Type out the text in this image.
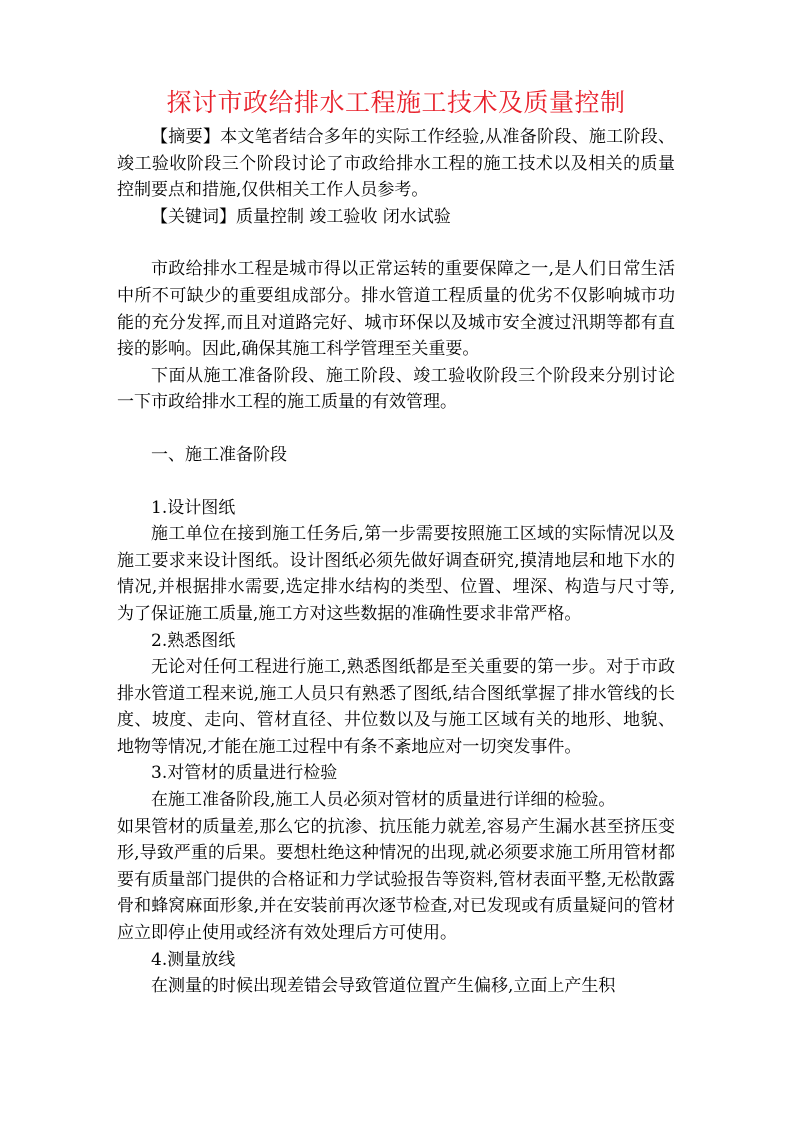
探讨市政给排水工程施工技术及质量控制

【摘要】本文笔者结合多年的实际工作经验,从准备阶段、施工阶段、竣工验收阶段三个阶段讨论了市政给排水工程的施工技术以及相关的质量控制要点和措施,仅供相关工作人员参考。

【关键词】质量控制 竣工验收 闭水试验

市政给排水工程是城市得以正常运转的重要保障之一,是人们日常生活中所不可缺少的重要组成部分。排水管道工程质量的优劣不仅影响城市功能的充分发挥,而且对道路完好、城市环保以及城市安全渡过汛期等都有直接的影响。因此,确保其施工科学管理至关重要。

下面从施工准备阶段、施工阶段、竣工验收阶段三个阶段来分别讨论一下市政给排水工程的施工质量的有效管理。

一、施工准备阶段

1.设计图纸

施工单位在接到施工任务后,第一步需要按照施工区域的实际情况以及施工要求来设计图纸。设计图纸必须先做好调查研究,摸清地层和地下水的情况,并根据排水需要,选定排水结构的类型、位置、埋深、构造与尺寸等,为了保证施工质量,施工方对这些数据的准确性要求非常严格。

2.熟悉图纸

无论对任何工程进行施工,熟悉图纸都是至关重要的第一步。对于市政排水管道工程来说,施工人员只有熟悉了图纸,结合图纸掌握了排水管线的长度、坡度、走向、管材直径、井位数以及与施工区域有关的地形、地貌、地物等情况,才能在施工过程中有条不紊地应对一切突发事件。

3.对管材的质量进行检验

在施工准备阶段,施工人员必须对管材的质量进行详细的检验。

如果管材的质量差,那么它的抗渗、抗压能力就差,容易产生漏水甚至挤压变形,导致严重的后果。要想杜绝这种情况的出现,就必须要求施工所用管材都要有质量部门提供的合格证和力学试验报告等资料,管材表面平整,无松散露骨和蜂窝麻面形象,并在安装前再次逐节检查,对已发现或有质量疑问的管材应立即停止使用或经济有效处理后方可使用。

4.测量放线

在测量的时候出现差错会导致管道位置产生偏移,立面上产生积
